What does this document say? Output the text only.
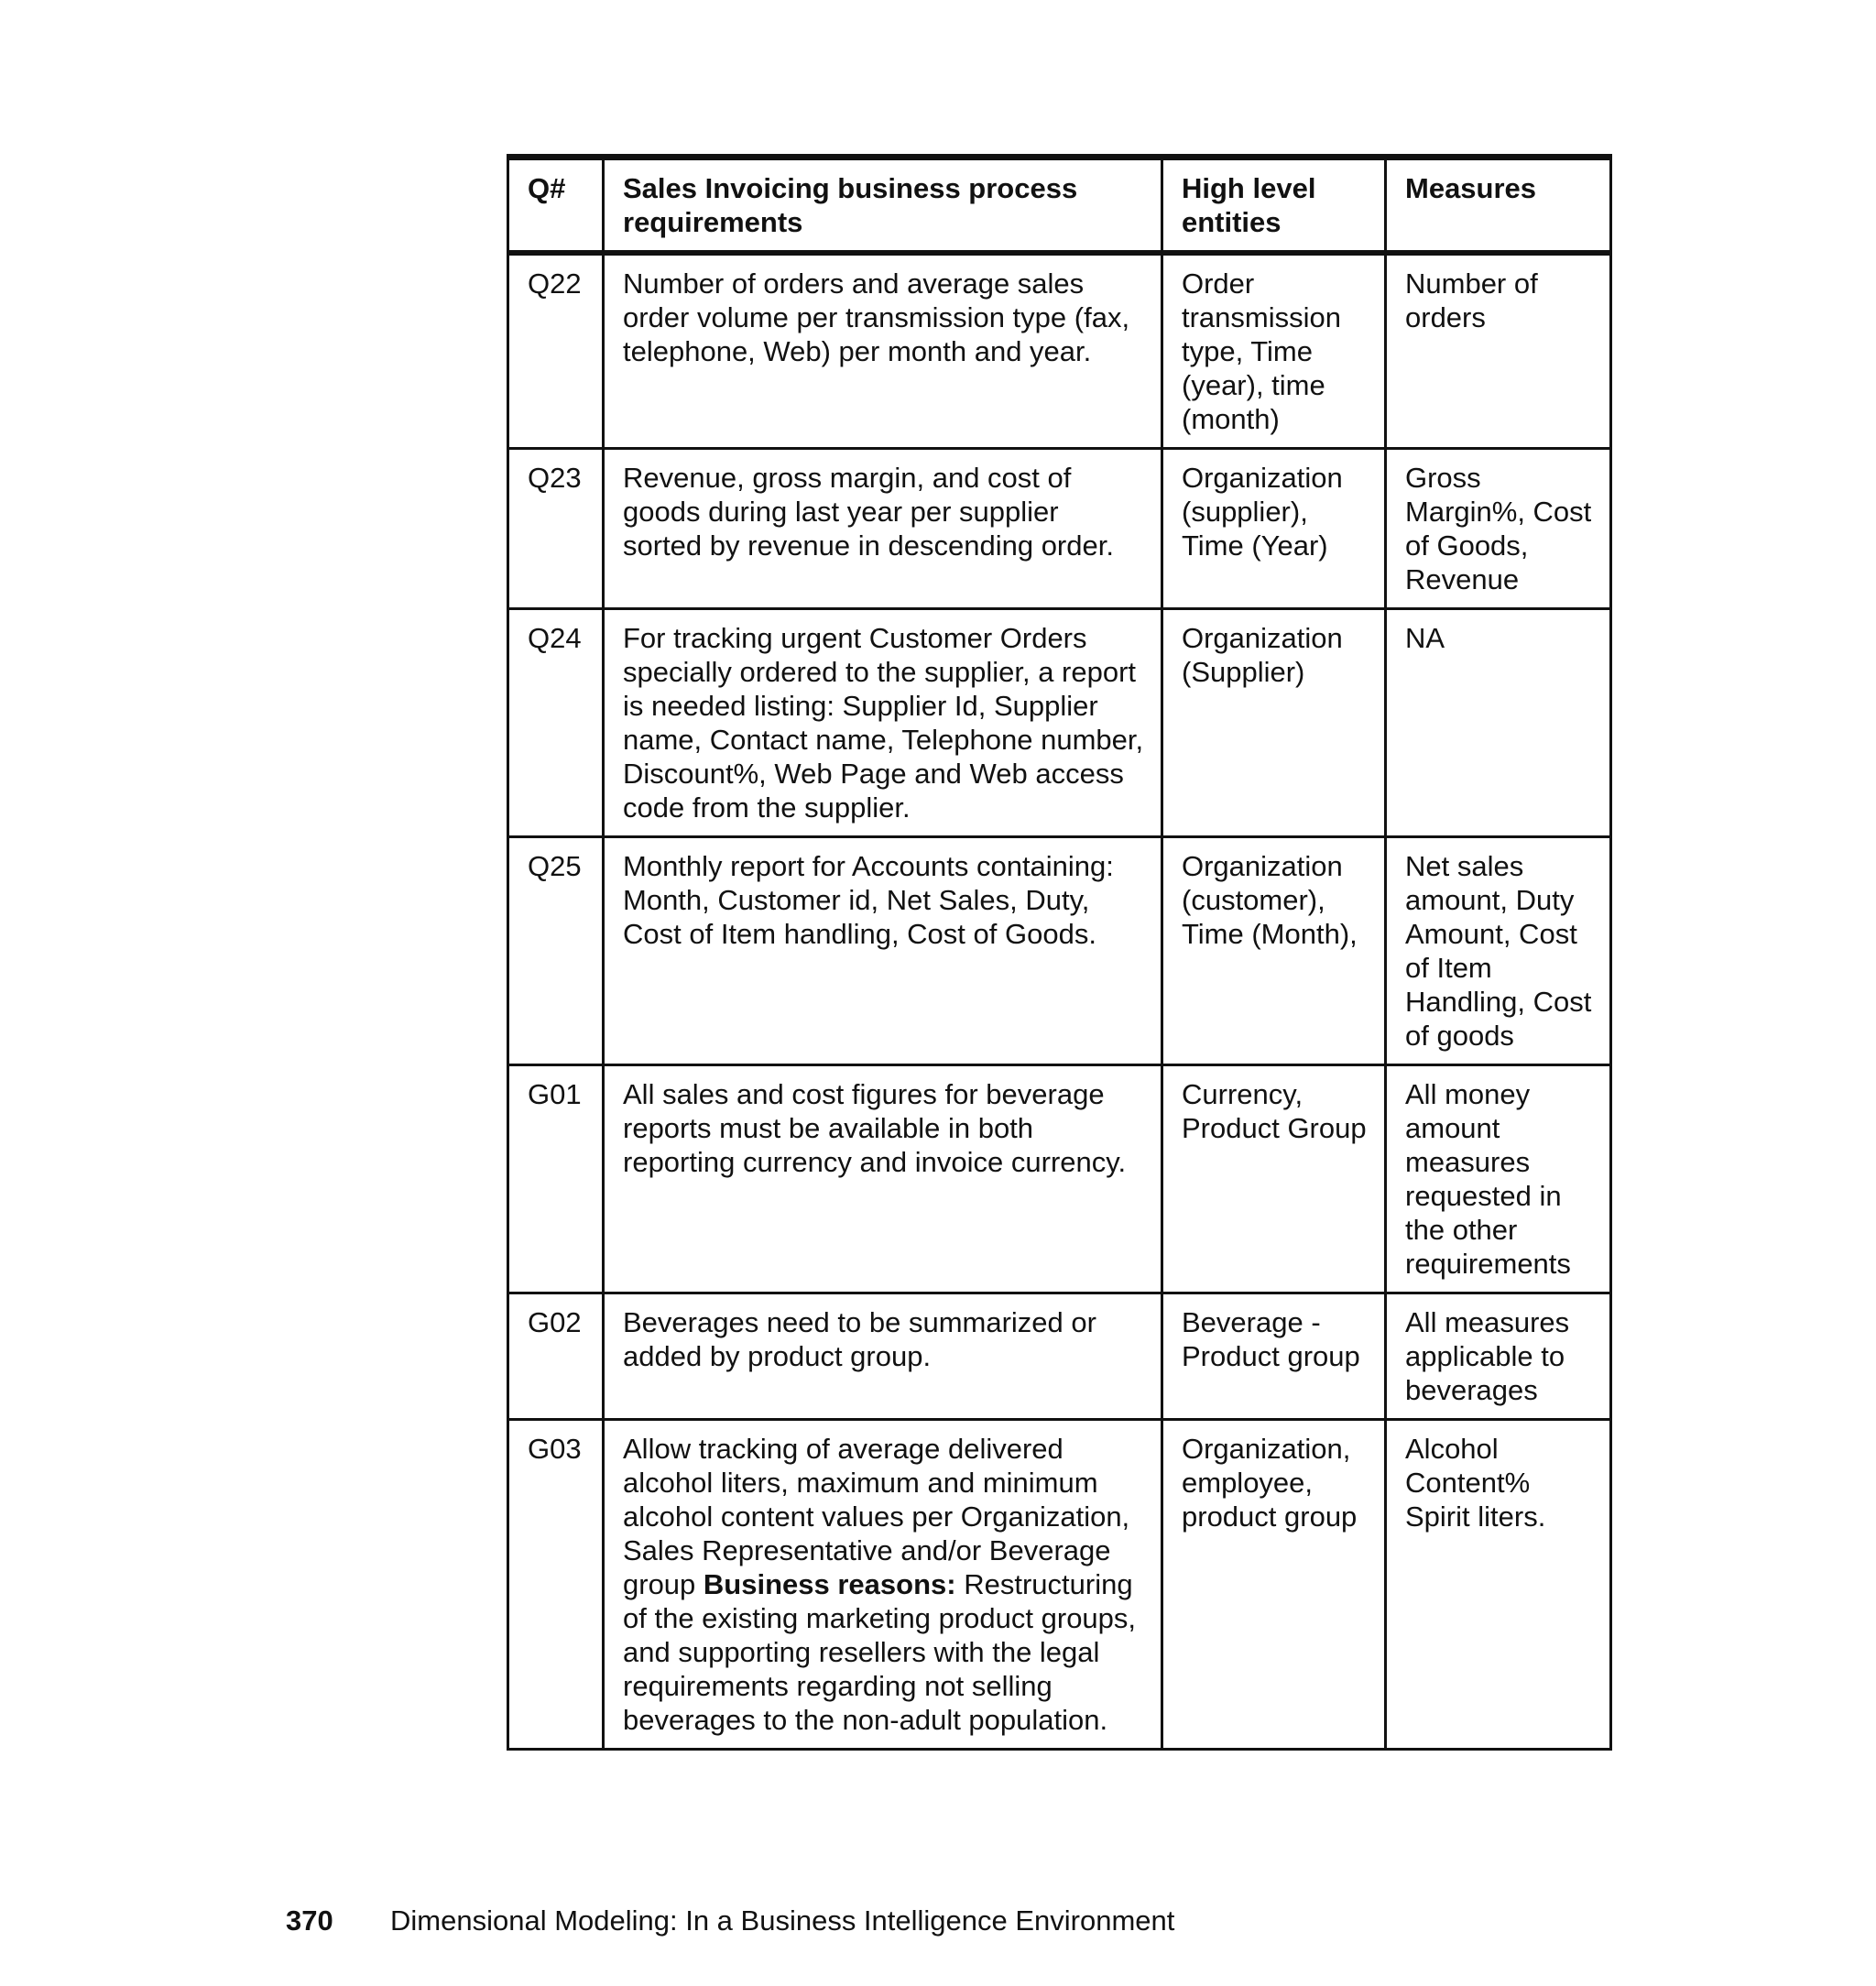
Q#	Sales Invoicing business process requirements	High level entities	Measures
Q22	Number of orders and average sales order volume per transmission type (fax, telephone, Web) per month and year.	Order transmission type, Time (year), time (month)	Number of orders
Q23	Revenue, gross margin, and cost of goods during last year per supplier sorted by revenue in descending order.	Organization (supplier), Time (Year)	Gross Margin%, Cost of Goods, Revenue
Q24	For tracking urgent Customer Orders specially ordered to the supplier, a report is needed listing: Supplier Id, Supplier name, Contact name, Telephone number, Discount%, Web Page and Web access code from the supplier.	Organization (Supplier)	NA
Q25	Monthly report for Accounts containing: Month, Customer id, Net Sales, Duty, Cost of Item handling, Cost of Goods.	Organization (customer), Time (Month),	Net sales amount, Duty Amount, Cost of Item Handling, Cost of goods
G01	All sales and cost figures for beverage reports must be available in both reporting currency and invoice currency.	Currency, Product Group	All money amount measures requested in the other requirements
G02	Beverages need to be summarized or added by product group.	Beverage - Product group	All measures applicable to beverages
G03	Allow tracking of average delivered alcohol liters, maximum and minimum alcohol content values per Organization, Sales Representative and/or Beverage group Business reasons: Restructuring of the existing marketing product groups, and supporting resellers with the legal requirements regarding not selling beverages to the non-adult population.	Organization, employee, product group	Alcohol Content% Spirit liters.
370 Dimensional Modeling: In a Business Intelligence Environment
